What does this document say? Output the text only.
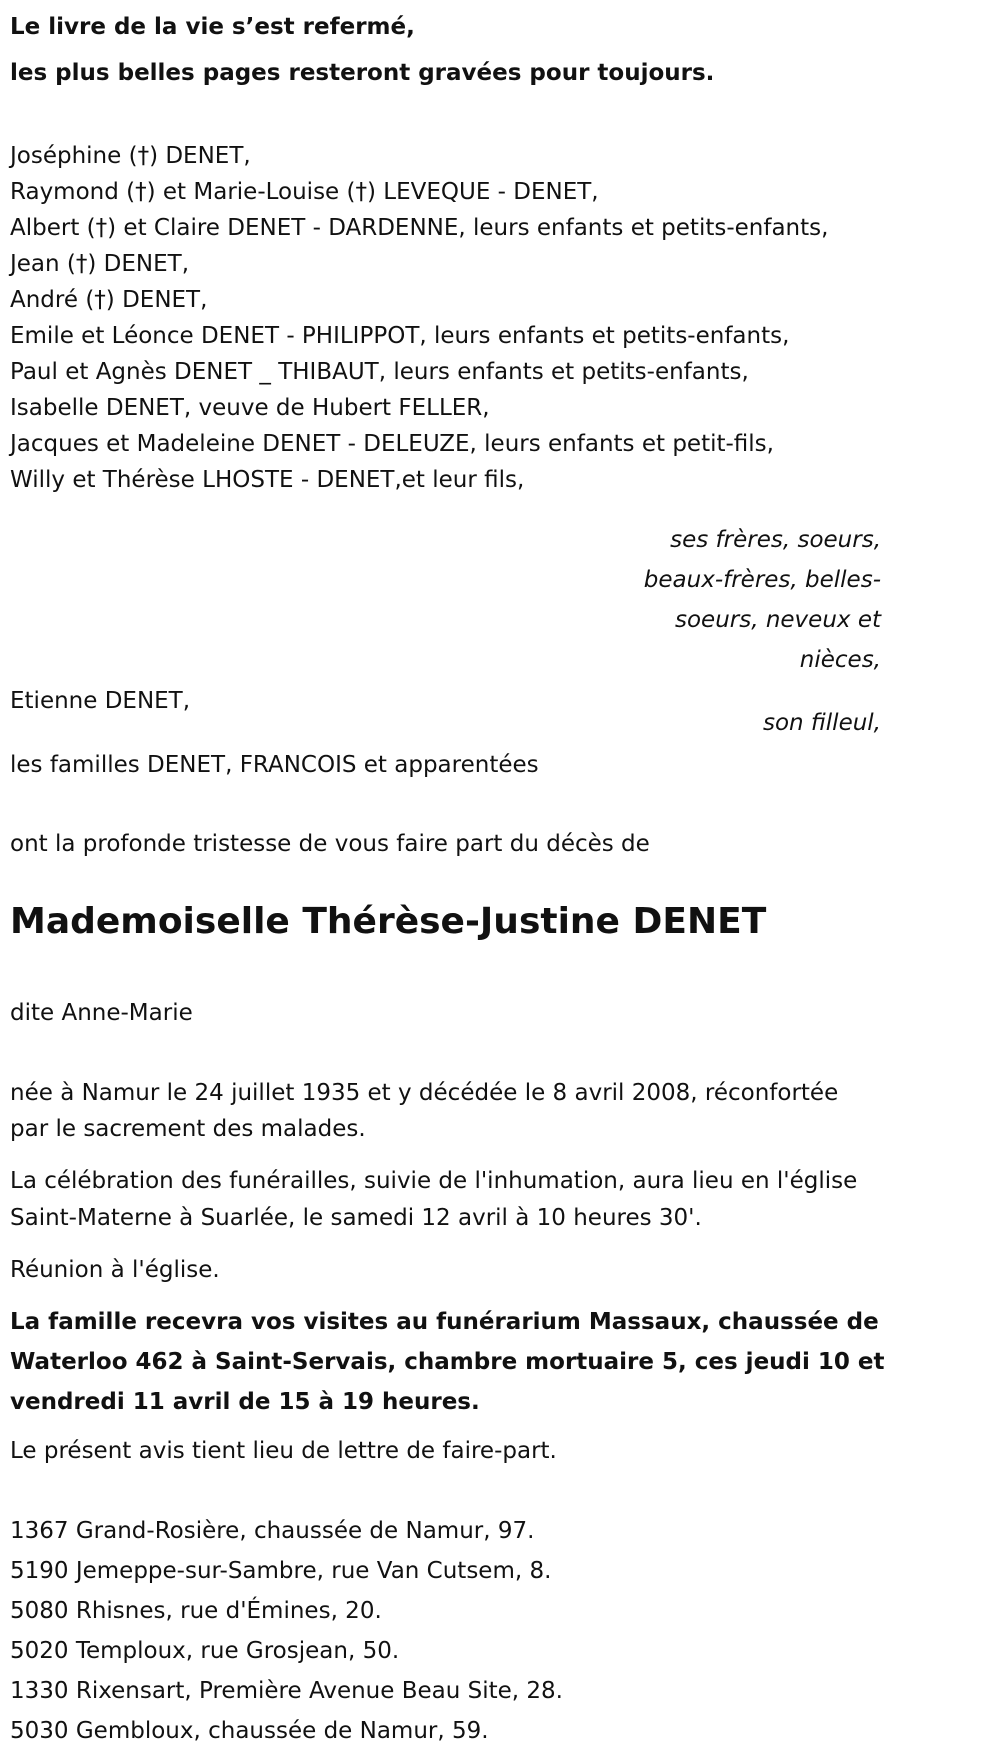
Le livre de la vie s’est refermé,

les plus belles pages resteront gravées pour toujours.

Joséphine (†) DENET,

Raymond (†) et Marie-Louise (†) LEVEQUE - DENET,

Albert (†) et Claire DENET - DARDENNE, leurs enfants et petits-enfants,

Jean (†) DENET,

André (†) DENET,

Emile et Léonce DENET - PHILIPPOT, leurs enfants et petits-enfants,

Paul et Agnès DENET _ THIBAUT, leurs enfants et petits-enfants,

Isabelle DENET, veuve de Hubert FELLER,

Jacques et Madeleine DENET - DELEUZE, leurs enfants et petit-fils,

Willy et Thérèse LHOSTE - DENET,et leur fils,

ses frères, soeurs,

beaux-frères, belles-

soeurs, neveux et

nièces,

Etienne DENET,

son filleul,

les familles DENET, FRANCOIS et apparentées

ont la profonde tristesse de vous faire part du décès de

Mademoiselle Thérèse-Justine DENET

dite Anne-Marie

née à Namur le 24 juillet 1935 et y décédée le 8 avril 2008, réconfortée

par le sacrement des malades.

La célébration des funérailles, suivie de l'inhumation, aura lieu en l'église

Saint-Materne à Suarlée, le samedi 12 avril à 10 heures 30'.

Réunion à l'église.

La famille recevra vos visites au funérarium Massaux, chaussée de

Waterloo 462 à Saint-Servais, chambre mortuaire 5, ces jeudi 10 et

vendredi 11 avril de 15 à 19 heures.

Le présent avis tient lieu de lettre de faire-part.

1367 Grand-Rosière, chaussée de Namur, 97.

5190 Jemeppe-sur-Sambre, rue Van Cutsem, 8.

5080 Rhisnes, rue d'Émines, 20.

5020 Temploux, rue Grosjean, 50.

1330 Rixensart, Première Avenue Beau Site, 28.

5030 Gembloux, chaussée de Namur, 59.
